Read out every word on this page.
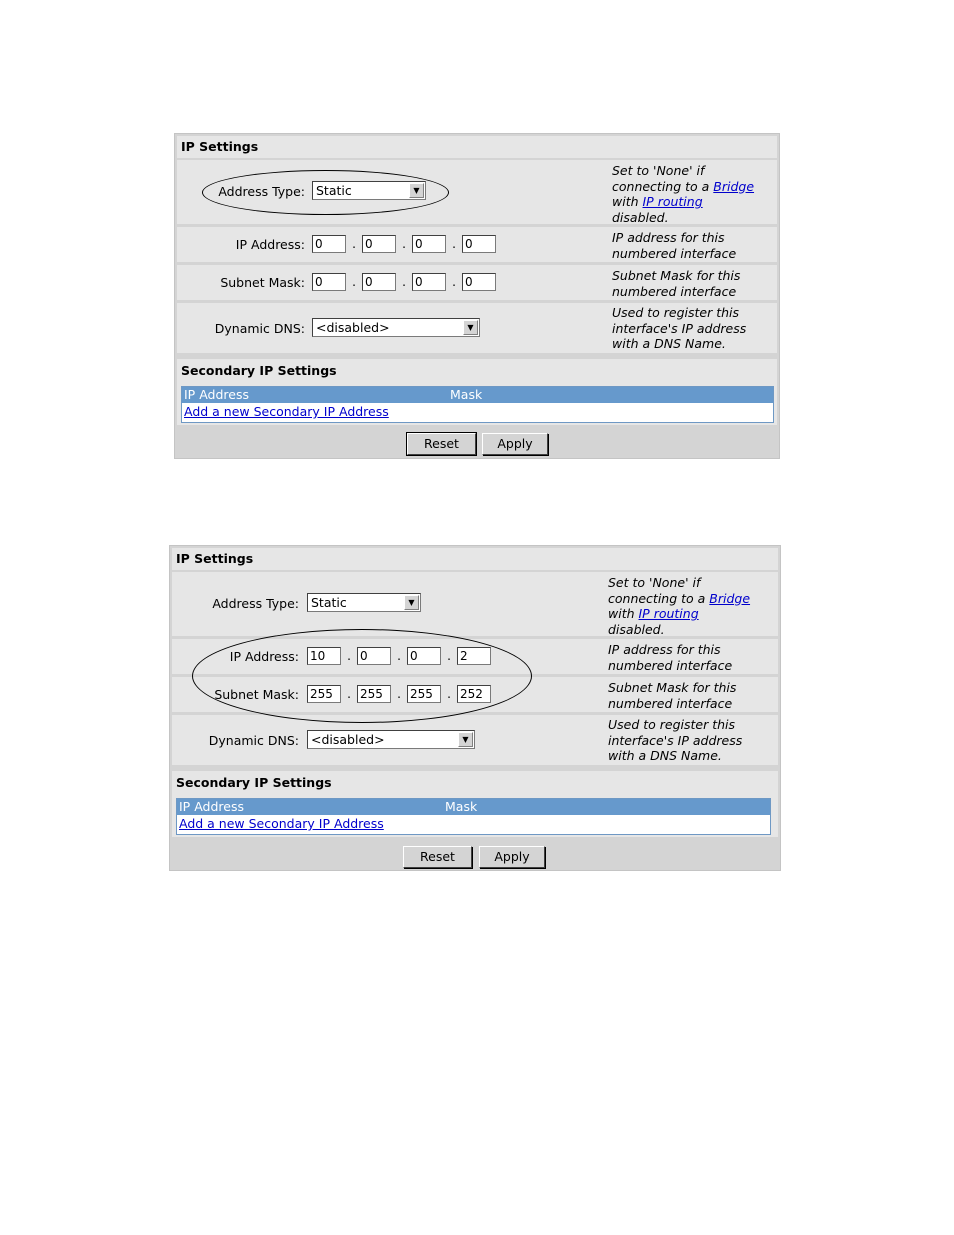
IP Settings
Address Type: Static	▼
Set to 'None' if
connecting to a Bridge
with IP routing
disabled.
IP Address: 0	. 0	. 0	. 0	IP address for this
numbered interface
Subnet Mask: 0	. 0	. 0	. 0	Subnet Mask for this
numbered interface
Dynamic DNS: <disabled>	▼
Used to register this
interface's IP address
with a DNS Name.
Secondary IP Settings
IP Address	Mask
Add a new Secondary IP Address
Reset	Apply
IP Settings
Address Type: Static	▼
Set to 'None' if
connecting to a Bridge
with IP routing
disabled.
IP Address: 10	. 0	. 0	. 2	IP address for this
numbered interface
Subnet Mask: 255	. 255	. 255	. 252	Subnet Mask for this
numbered interface
Dynamic DNS: <disabled>	▼
Used to register this
interface's IP address
with a DNS Name.
Secondary IP Settings
IP Address	Mask
Add a new Secondary IP Address
Reset	Apply
